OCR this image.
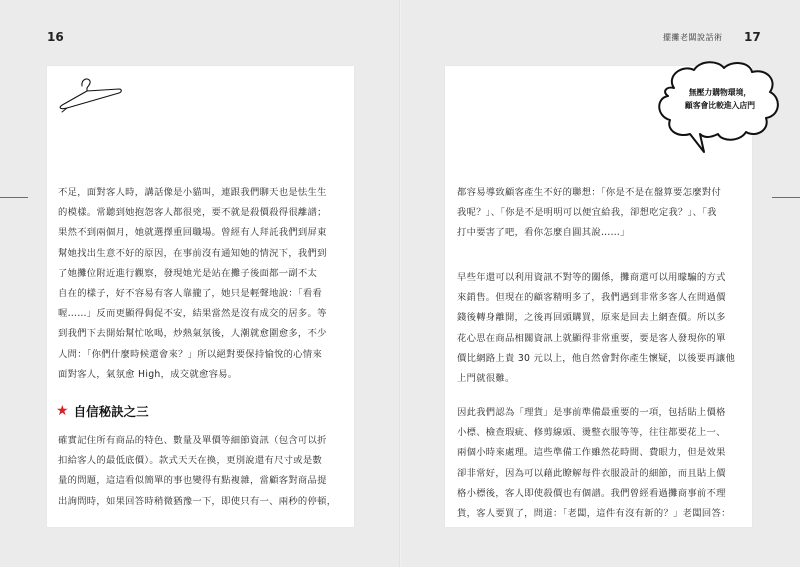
16

不足，面對客人時，講話像是小貓叫，連跟我們聊天也是怯生生
的模樣。常聽到她抱怨客人都很兇，要不就是殺價殺得很離譜；
果然不到兩個月，她就選擇重回職場。曾經有人拜託我們到屏東
幫她找出生意不好的原因，在事前沒有通知她的情況下，我們到
了她攤位附近進行觀察，發現她光是站在攤子後面都一副不太
自在的樣子，好不容易有客人靠攏了，她只是輕聲地說：「看看
喔……」反而更顯得侷促不安，結果當然是沒有成交的居多。等
到我們下去開始幫忙吆喝，炒熱氣氛後，人潮就愈圍愈多，不少
人問：「你們什麼時候還會來？」所以絕對要保持愉悅的心情來
面對客人，氣氛愈 High，成交就愈容易。

★ 自信秘訣之三

確實記住所有商品的特色、數量及單價等細節資訊（包含可以折
扣給客人的最低底價）。款式天天在換，更別說還有尺寸或是數
量的問題，這這看似簡單的事也變得有點複雜，當顧客對商品提
出詢問時，如果回答時稍微猶豫一下，即使只有一、兩秒的停頓，

擺攤老闆說話術 17

都容易導致顧客產生不好的聯想：「你是不是在盤算要怎麼對付
我呢？」、「你是不是明明可以便宜給我，卻想吃定我？」、「我
打中要害了吧，看你怎麼自圓其說……」

早些年還可以利用資訊不對等的關係，攤商還可以用矇騙的方式
來銷售。但現在的顧客精明多了，我們遇到非常多客人在問過價
錢後轉身離開，之後再回頭購買，原來是回去上網查價。所以多
花心思在商品相關資訊上就顯得非常重要，要是客人發現你的單
價比網路上貴 30 元以上，他自然會對你產生懷疑，以後要再讓他
上門就很難。

因此我們認為「理貨」是事前準備最重要的一項，包括貼上價格
小標、檢查瑕疵、修剪線頭、燙整衣服等等，往往都要花上一、
兩個小時來處理。這些準備工作雖然花時間、費眼力，但是效果
卻非常好，因為可以藉此瞭解每件衣服設計的細節，而且貼上價
格小標後，客人即使殺價也有個譜。我們曾經看過攤商事前不理
貨，客人要買了，問道：「老闆，這件有沒有新的？」老闆回答：

無壓力購物環境，
顧客會比較進入店門
